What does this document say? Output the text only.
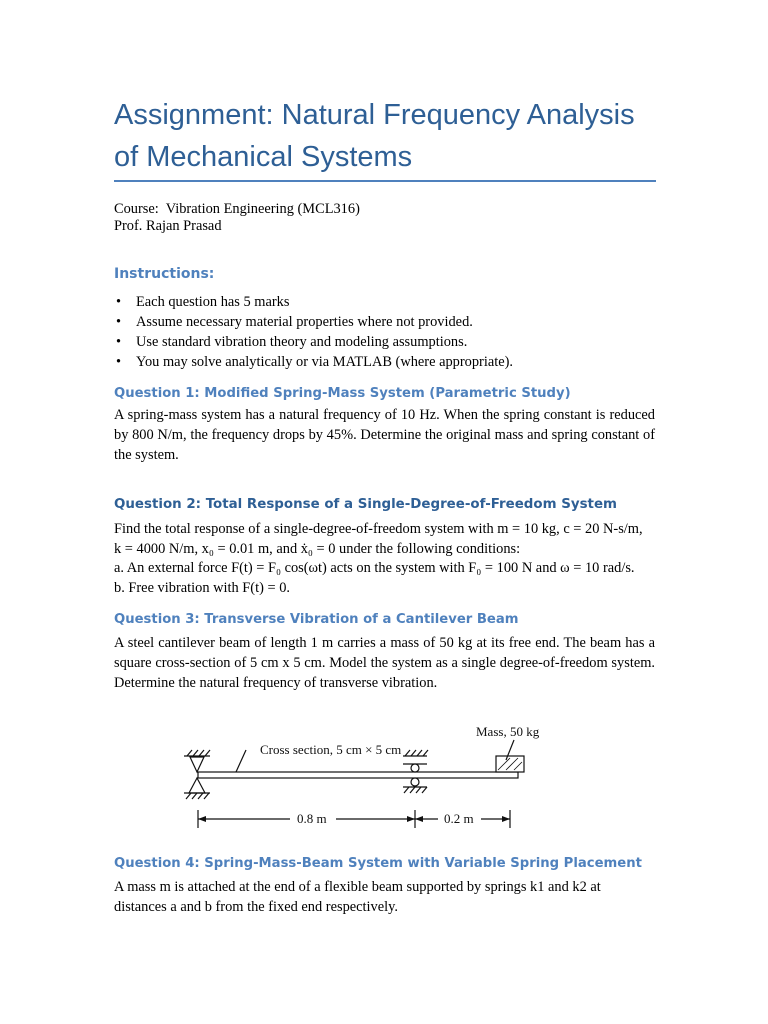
Assignment: Natural Frequency Analysis
of Mechanical Systems
Course:  Vibration Engineering (MCL316)
Prof. Rajan Prasad
Instructions:
• Each question has 5 marks
• Assume necessary material properties where not provided.
• Use standard vibration theory and modeling assumptions.
• You may solve analytically or via MATLAB (where appropriate).
Question 1: Modified Spring-Mass System (Parametric Study)

A spring-mass system has a natural frequency of 10 Hz. When the spring constant is reduced by 800 N/m, the frequency drops by 45%. Determine the original mass and spring constant of the system.

Question 2: Total Response of a Single-Degree-of-Freedom System
Find the total response of a single-degree-of-freedom system with m = 10 kg, c = 20 N-s/m,
k = 4000 N/m, x₀ = 0.01 m, and ẋ₀ = 0 under the following conditions:
a. An external force F(t) = F₀ cos(ωt) acts on the system with F₀ = 100 N and ω = 10 rad/s.
b. Free vibration with F(t) = 0.
Question 3: Transverse Vibration of a Cantilever Beam

A steel cantilever beam of length 1 m carries a mass of 50 kg at its free end. The beam has a square cross-section of 5 cm x 5 cm. Model the system as a single degree-of-freedom system. Determine the natural frequency of transverse vibration.

Mass, 50 kg
Cross section, 5 cm × 5 cm
0.8 m	0.2 m
Question 4: Spring-Mass-Beam System with Variable Spring Placement

A mass m is attached at the end of a flexible beam supported by springs k1 and k2 at distances a and b from the fixed end respectively.
